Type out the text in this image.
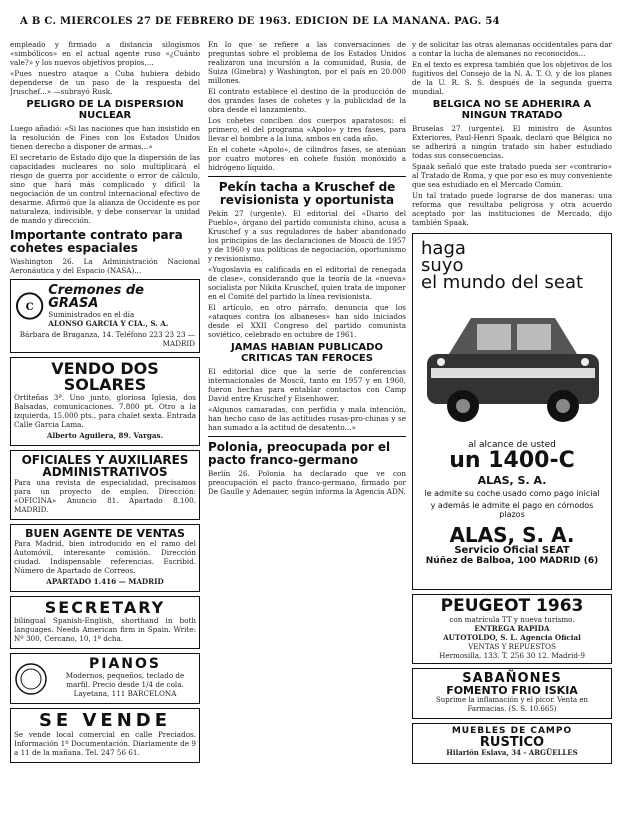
A B C. MIERCOLES 27 DE FEBRERO DE 1963. EDICION DE LA MAÑANA. PAG. 54

empleado y firmado a distancia silogismos «simbólicos» en el actual agente ruso «¿Cuánto vale?» y los nuevos objetivos propios,...

«Pues nuestro ataque a Cuba hubiera debido dependerse de un paso de la respuesta del Jruschef...» —subrayó Rusk.

PELIGRO DE LA DISPERSION NUCLEAR

Luego añadió: «Si las naciones que han insistido en la resolución de Fines con los Estados Unidos tienen derecho a disponer de armas...»

El secretario de Estado dijo que la dispersión de las capacidades nucleares no solo multiplicará el riesgo de guerra por accidente o error de cálculo, sino que hará más complicado y difícil la negociación de un control internacional efectivo de desarme. Afirmó que la alianza de Occidente es por naturaleza, indivisible, y debe conservar la unidad de mando y dirección.

Importante contrato para cohetes espaciales

Washington 26. La Administración Nacional Aeronáutica y del Espacio (NASA)...

C
Cremones de GRASA
Suministrados en el día
ALONSO GARCIA Y CIA., S. A.
Bárbara de Braganza, 14. Teléfono 223 23 23 — MADRID
VENDO DOS SOLARES
Ortiteñas 3ª. Uno junto, gloriosa Iglesia, dos Balsadas, comunicaciones. 7.800 pt. Otro a la izquierda, 15.000 pts., para chalet sexta. Entrada Calle Garcia Lama.
Alberto Aguilera, 89. Vargas.
OFICIALES Y AUXILIARES ADMINISTRATIVOS
Para una revista de especialidad, precisamos para un proyecto de empleo. Dirección: «OFICINA» Anuncio 81. Apartado 8.100. MADRID.
BUEN AGENTE DE VENTAS
Para Madrid, bien introducido en el ramo del Automóvil, interesante comisión. Dirección ciudad. Indispensable referencias. Escribid. Número de Apartado de Correos.
APARTADO 1.416 — MADRID
SECRETARY
bilingual Spanish-English, shorthand in both languages. Needs American firm in Spain. Write: Nº 300, Cercano, 10, 1º dcha.
PIANOS
Modernos, pequeños, teclado de marfil. Precio desde 1/4 de cola. Layetana, 111 BARCELONA
SE VENDE
Se vende local comercial en calle Preciados. Información 1º Documentación. Diariamente de 9 a 11 de la mañana. Tel. 247 56 61.

En lo que se refiere a las conversaciones de preguntas sobre el problema de los Estados Unidos realizaron una incursión a la comunidad, Rusia, de Suiza (Ginebra) y Washington, por el país en 20.000 millones.

El contrato establece el destino de la producción de dos grandes fases de cohetes y la publicidad de la obra desde el lanzamiento.

Los cohetes conciben dos cuerpos aparatosos: el primero, el del programa «Apolo» y tres fases, para llevar el hombre a la luna, ambos en cada año.

En el cohete «Apolo», de cilindros fases, se atenúan por cuatro motores en cohete fusión monóxido a hidrógeno líquido.

Pekín tacha a Kruschef de revisionista y oportunista

Pekín 27 (urgente). El editorial del «Diario del Pueblo», órgano del partido comunista chino, acusa a Kruschef y a sus reguladores de haber abandonado los principios de las declaraciones de Moscú de 1957 y de 1960 y sus políticas de negociación, oportunismo y revisionismo.

«Yugoslavia es calificada en el editorial de renegada de clase», considerando que la teoría de la «nueva» socialista por Nikita Kruschef, quien trata de imponer en el Comité del partido la línea revisionista.

El artículo, en otro párrafo, denuncia que los «ataques contra los albaneses» han sido iniciados desde el XXII Congreso del partido comunista soviético, celebrado en octubre de 1961.

JAMAS HABIAN PUBLICADO CRITICAS TAN FEROCES

El editorial dice que la serie de conferencias internacionales de Moscú, tanto en 1957 y en 1960, fueron hechas para entablar contactos con Camp David entre Kruschef y Eisenhower.

«Algunos camaradas, con perfidia y mala intención, han hecho caso de las actitudes rusas-pro-chinas y se han sumado a la actitud de desatento...»

Polonia, preocupada por el pacto franco-germano

Berlín 26. Polonia ha declarado que ve con preocupación el pacto franco-germano, firmado por De Gaulle y Adenauer, según informa la Agencia ADN.

y de solicitar las otras alemanas occidentales para dar a contar la lucha de alemanes no reconocidos...

En el texto es expresa también que los objetivos de los fugitivos del Consejo de la N. A. T. O. y de los planes de la U. R. S. S. después de la segunda guerra mundial.

BELGICA NO SE ADHERIRA A NINGUN TRATADO

Bruselas 27 (urgente). El ministro de Asuntos Exteriores, Paul-Henri Spaak, declaró que Bélgica no se adherirá a ningún tratado sin haber estudiado todas sus consecuencias.

Spaak señaló que este tratado pueda ser «contrario» al Tratado de Roma, y que por eso es muy conveniente que sea estudiado en el Mercado Común.

Un tal tratado puede lograrse de dos maneras: una reforma que resultaba peligrosa y otra acuerdo aceptado por las instituciones de Mercado, dijo también Spaak.

haga
suyo
el mundo del seat
al alcance de usted
un 1400-C
ALAS, S. A.
le admite su coche usado como pago inicial
y además le admite el pago en cómodos plazos
ALAS, S. A.
Servicio Oficial SEAT
Núñez de Balboa, 100 MADRID (6)
PEUGEOT 1963
con matrícula TT y nueva turismo.
ENTREGA RAPIDA
AUTOTOLDO, S. L. Agencia Oficial
VENTAS Y REPUESTOS
Hermosilla, 133. T. 256 30 12. Madrid-9
SABAÑONES
FOMENTO FRIO ISKIA
Suprime la inflamación y el picor. Venta en Farmacias. (S. S. 10.665)
MUEBLES DE CAMPO
RUSTICO
Hilarión Eslava, 34 - ARGÜELLES
